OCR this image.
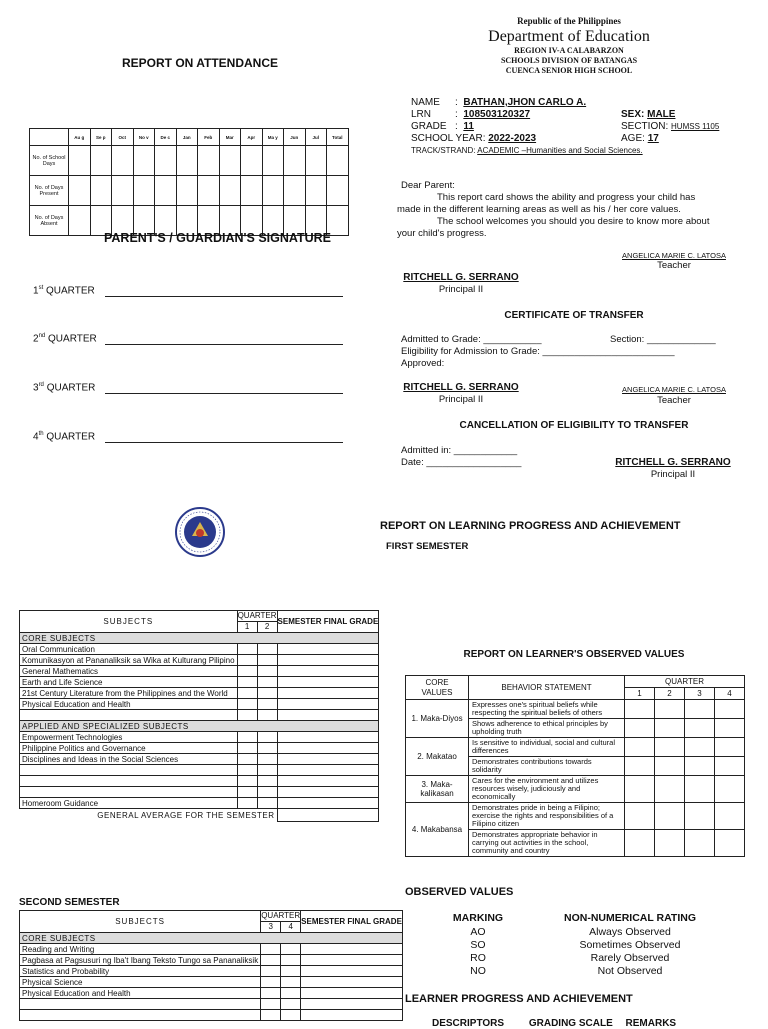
REPORT ON ATTENDANCE
	Au g	Se p	Oct	No v	De c	Jan	Feb	Mar	Apr	Ma y	Jun	Jul	Total
No. of School Days													
No. of Days Present													
No. of Days Absent													
PARENT'S / GUARDIAN'S SIGNATURE
1st QUARTER
2nd QUARTER
3rd QUARTER
4th QUARTER
SUBJECTS	QUARTER		SEMESTER FINAL GRADE
	1	2	
CORE SUBJECTS			
Oral Communication			
Komunikasyon at Pananaliksik sa Wika at Kulturang Pilipino			
General Mathematics			
Earth and Life Science			
21st Century Literature from the Philippines and the World			
Physical Education and Health			

APPLIED AND SPECIALIZED SUBJECTS			
Empowerment Technologies			
Philippine Politics and Governance			
Disciplines and Ideas in the Social Sciences			

Homeroom Guidance			
GENERAL AVERAGE FOR THE SEMESTER			
SECOND SEMESTER
SUBJECTS	QUARTER		SEMESTER FINAL GRADE
	3	4	
CORE SUBJECTS			
Reading and Writing			
Pagbasa at Pagsusuri ng Iba't Ibang Teksto Tungo sa Pananaliksik			
Statistics and Probability			
Physical Science			
Physical Education and Health			

Republic of the Philippines
Department of Education
REGION IV-A CALABARZON
SCHOOLS DIVISION OF BATANGAS
CUENCA SENIOR HIGH SCHOOL
NAME :  BATHAN,JHON CARLO A.
LRN :  108503120327	SEX: MALE
GRADE :  11	SECTION: HUMSS 1105
SCHOOL YEAR: 2022-2023	AGE: 17
TRACK/STRAND: ACADEMIC –Humanities and Social Sciences.
Dear Parent:
This report card shows the ability and progress your child has
made in the different learning areas as well as his / her core values.
The school welcomes you should you desire to know more about
your child's progress.
ANGELICA MARIE C. LATOSA
Teacher
RITCHELL G. SERRANO
Principal II
CERTIFICATE OF TRANSFER
Admitted to Grade: ___________	Section: _____________
Eligibility for Admission to Grade: _________________________
Approved:
RITCHELL G. SERRANO
Principal II
ANGELICA MARIE C. LATOSA
Teacher
CANCELLATION OF ELIGIBILITY TO TRANSFER
Admitted in: ____________
Date: __________________	RITCHELL G. SERRANO
Principal II
REPORT ON LEARNING PROGRESS AND ACHIEVEMENT
FIRST SEMESTER
REPORT ON LEARNER'S OBSERVED VALUES
CORE VALUES	BEHAVIOR STATEMENT	QUARTER			
		1	2	3	4
1. Maka-Diyos	Expresses one's spiritual beliefs while respecting the spiritual beliefs of others				
	Shows adherence to ethical principles by upholding truth				
2. Makatao	Is sensitive to individual, social and cultural differences				
	Demonstrates contributions towards solidarity				
3. Maka-kalikasan	Cares for the environment and utilizes resources wisely, judiciously and economically				
4. Makabansa	Demonstrates pride in being a Filipino; exercise the rights and responsibilities of a Filipino citizen				
	Demonstrates appropriate behavior in carrying out activities in the school, community and country				
OBSERVED VALUES
MARKING	NON-NUMERICAL RATING
AO	Always Observed
SO	Sometimes Observed
RO	Rarely Observed
NO	Not Observed
LEARNER PROGRESS AND ACHIEVEMENT
DESCRIPTORS GRADING SCALE REMARKS
